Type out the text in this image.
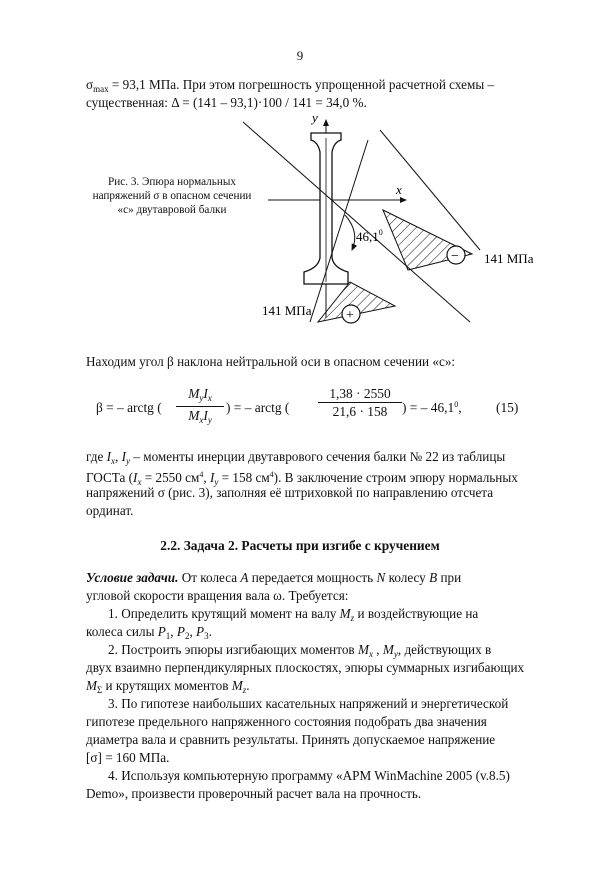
9
$\sigma_{max} = 93,1$ МПа. При этом погрешность упрощенной расчетной схемы –
существенная: Δ = (141 – 93,1)·100 / 141 = 34,0 %.
Рис. 3. Эпюра нормальных
напряжений σ в опасном сечении
«c» двутавровой балки
y
x
$46,1^0$
−
+
141 МПа
141 МПа
Находим угол β наклона нейтральной оси в опасном сечении «c»:
β = – arctg (
$M_yI_x$
$M_xI_y$
) = – arctg (
1,38 · 2550
21,6 · 158	) = – 46,1$^0$,	(15)
где $I_x$, $I_y$ – моменты инерции двутаврового сечения балки № 22 из таблицы
ГОСТа ($I_x = 2550$ $см^4$, $I_y = 158$ $см^4$). В заключение строим эпюру нормальных
напряжений σ (рис. 3), заполняя её штриховкой по направлению отсчета
ординат.
2.2. Задача 2. Расчеты при изгибе с кручением
Условие задачи. От колеса A передается мощность N колесу B при
угловой скорости вращения вала ω. Требуется:
1. Определить крутящий момент на валу $M_z$ и воздействующие на
колеса силы $P_1$, $P_2$, $P_3$.
2. Построить эпюры изгибающих моментов $M_x$ , $M_y$, действующих в
двух взаимно перпендикулярных плоскостях, эпюры суммарных изгибающих
$M_\Sigma$ и крутящих моментов $M_z$.
3. По гипотезе наибольших касательных напряжений и энергетической
гипотезе предельного напряженного состояния подобрать два значения
диаметра вала и сравнить результаты. Принять допускаемое напряжение
[σ] = 160 МПа.
4. Используя компьютерную программу «APM WinMachine 2005 (v.8.5)
Demo», произвести проверочный расчет вала на прочность.
